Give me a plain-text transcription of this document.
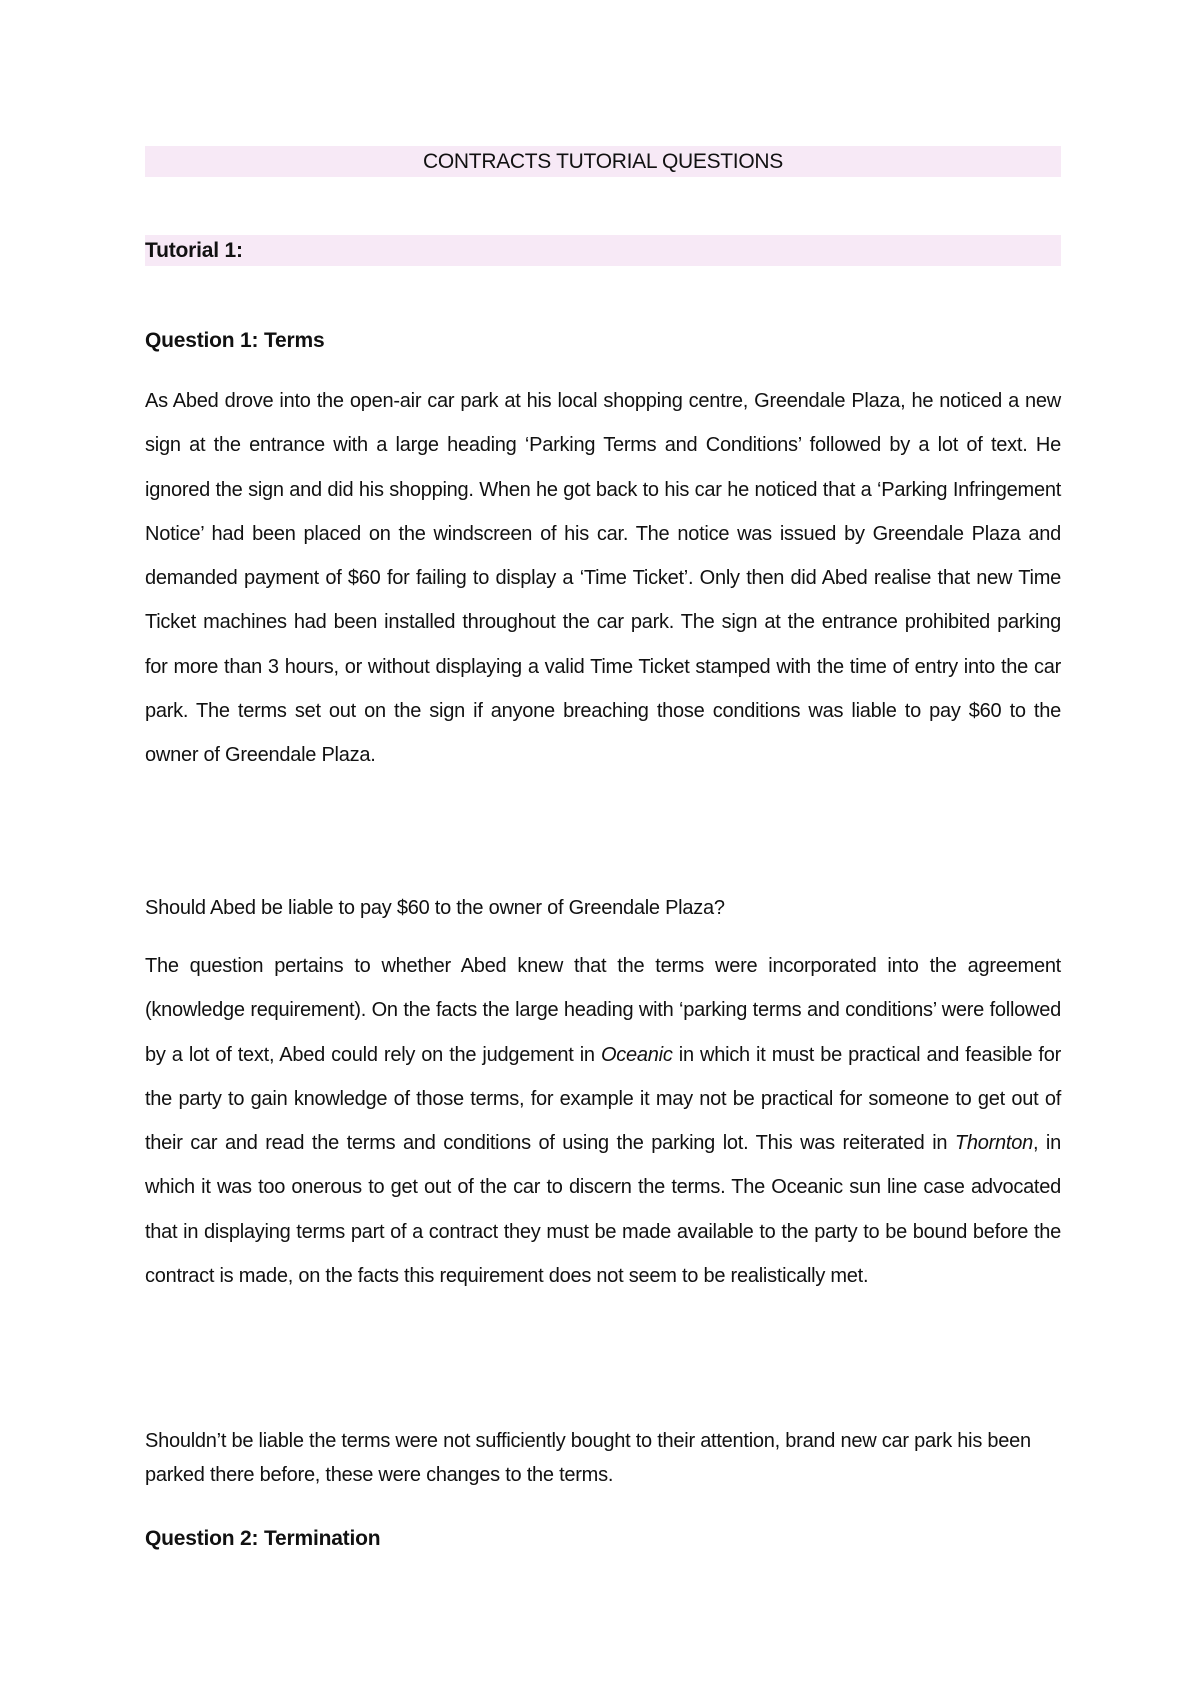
CONTRACTS TUTORIAL QUESTIONS
Tutorial 1:
Question 1: Terms
As Abed drove into the open-air car park at his local shopping centre, Greendale Plaza, he noticed a new sign at the entrance with a large heading ‘Parking Terms and Conditions’ followed by a lot of text. He ignored the sign and did his shopping. When he got back to his car he noticed that a ‘Parking Infringement Notice’ had been placed on the windscreen of his car. The notice was issued by Greendale Plaza and demanded payment of $60 for failing to display a ‘Time Ticket’. Only then did Abed realise that new Time Ticket machines had been installed throughout the car park. The sign at the entrance prohibited parking for more than 3 hours, or without displaying a valid Time Ticket stamped with the time of entry into the car park. The terms set out on the sign if anyone breaching those conditions was liable to pay $60 to the owner of Greendale Plaza.
Should Abed be liable to pay $60 to the owner of Greendale Plaza?
The question pertains to whether Abed knew that the terms were incorporated into the agreement (knowledge requirement). On the facts the large heading with ‘parking terms and conditions’ were followed by a lot of text, Abed could rely on the judgement in Oceanic in which it must be practical and feasible for the party to gain knowledge of those terms, for example it may not be practical for someone to get out of their car and read the terms and conditions of using the parking lot. This was reiterated in Thornton, in which it was too onerous to get out of the car to discern the terms. The Oceanic sun line case advocated that in displaying terms part of a contract they must be made available to the party to be bound before the contract is made, on the facts this requirement does not seem to be realistically met.
Shouldn’t be liable the terms were not sufficiently bought to their attention, brand new car park his been parked there before, these were changes to the terms.
Question 2: Termination
